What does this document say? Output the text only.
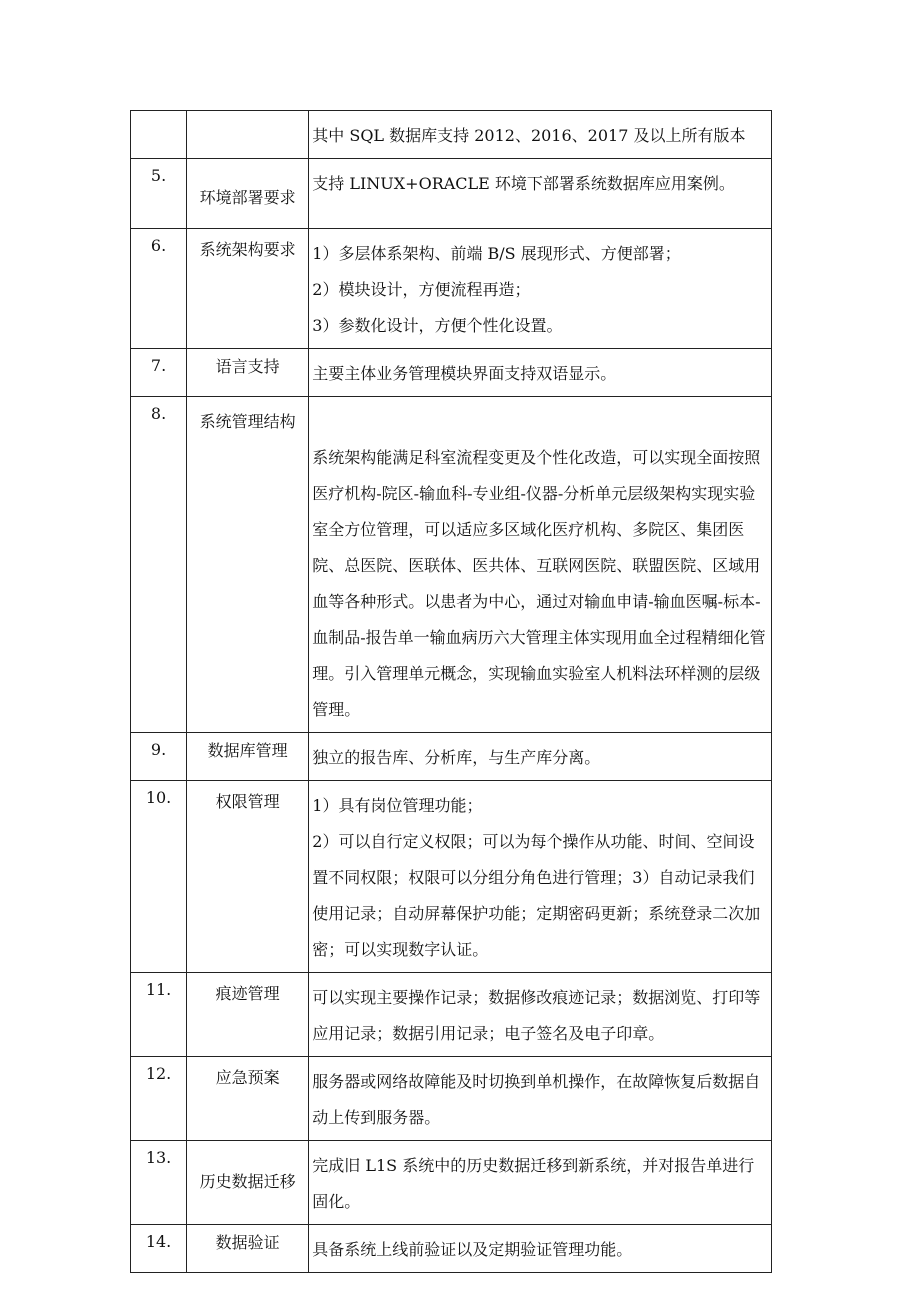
		其中 SQL 数据库支持 2012、2016、2017 及以上所有版本

5.	环境部署要求	支持 LINUX+ORACLE 环境下部署系统数据库应用案例。

6.	系统架构要求	1）多层体系架构、前端 B/S 展现形式、方便部署；
2）模块设计，方便流程再造；
3）参数化设计，方便个性化设置。

7.	语言支持	主要主体业务管理模块界面支持双语显示。

8.	系统管理结构	系统架构能满足科室流程变更及个性化改造，可以实现全面按照医疗机构-院区-输血科-专业组-仪器-分析单元层级架构实现实验室全方位管理，可以适应多区域化医疗机构、多院区、集团医院、总医院、医联体、医共体、互联网医院、联盟医院、区域用血等各种形式。以患者为中心，通过对输血申请-输血医嘱-标本-血制品-报告单一输血病历六大管理主体实现用血全过程精细化管理。引入管理单元概念，实现输血实验室人机料法环样测的层级管理。

9.	数据库管理	独立的报告库、分析库，与生产库分离。

10.	权限管理	1）具有岗位管理功能；
2）可以自行定义权限；可以为每个操作从功能、时间、空间设置不同权限；权限可以分组分角色进行管理；3）自动记录我们使用记录；自动屏幕保护功能；定期密码更新；系统登录二次加密；可以实现数字认证。

11.	痕迹管理	可以实现主要操作记录；数据修改痕迹记录；数据浏览、打印等应用记录；数据引用记录；电子签名及电子印章。

12.	应急预案	服务器或网络故障能及时切换到单机操作，在故障恢复后数据自动上传到服务器。

13.	历史数据迁移	完成旧 L1S 系统中的历史数据迁移到新系统，并对报告单进行固化。

14.	数据验证	具备系统上线前验证以及定期验证管理功能。
